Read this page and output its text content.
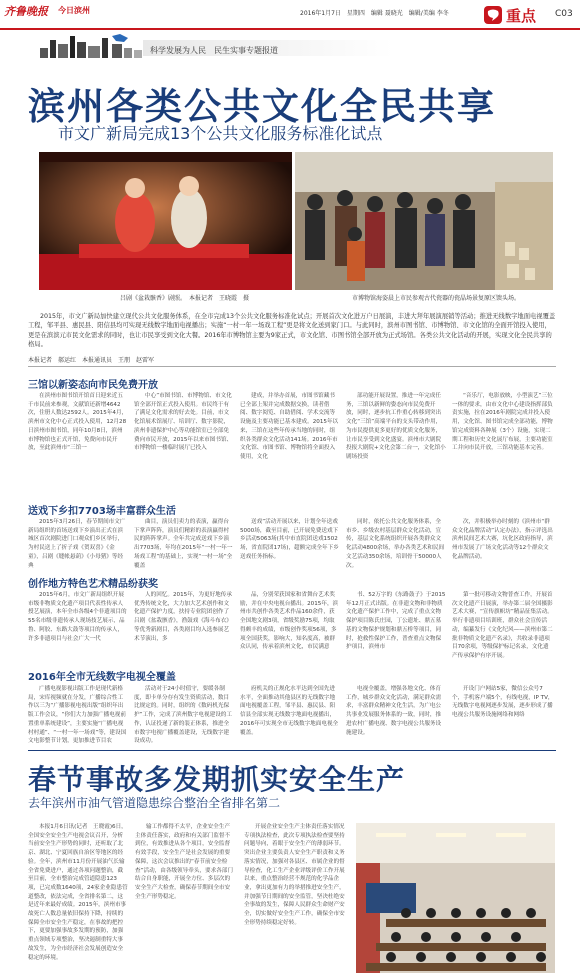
齐鲁晚报 今日滨州	2016年1月7日　星期四　编辑 聂晓光　编辑/美编 李冬	重点 C03
科学发展为人民　民生实事专题报道
滨州各类公共文化全民共享
市文广新局完成13个公共文化服务标准化试点
吕剧《盆栽骸香》剧照。　本报记者　王晓霞　摄	市博物馆海姿晨上市民参观古代瓷器的瓷晶场景复原区馈头场。
2015年，市文广新局加快建立现代公共文化服务体系，在全市完成13个公共文化服务标准化试点；开展首次文化进万户日展演，丰进大拜年展演展销等活动；推进无线数字地面电视覆盖工程，邹平县、惠民县、阳信县均可实现无线数字地面电视播出；实施“一村一年一场戏工程”更是将文化送到家门口。与此同时，滨州市图书馆、市博物馆、市文化馆的全面开馆投入使用，更是在滨滨元市民文化需求的同时，也让市民享受到文化大餐。2016年市博物馆主要为9家正式，市文化馆、市图书馆全部开放为正式场馆。各类公共文化活动的开展，实现文化全民共享的格局。
本报记者　郝运红　本报通讯员　王朋　赵雷军
三馆以新姿态向市民免费开放

在滨州市图书馆开馆首日迎来近五千市民前来参观，文献馆还新增4642次，住册人数达2592人。2015年4月，滨州市文化中心正式投入使用，12月28日滨州市图书馆，同年10月8日，滨州市博物馆也正式开馆，免费向市民开放，至此滨州市“三馆一

中心”市图书馆、市博物馆、市文化馆全部开馆正式投入使用。市民终于有了满足文化需求的好去处。目前，市文化馆展术馆展厅、培训厅、数字影院，滨州非遗保护中心等功能馆室已全部免费向市民开放，2015年以来市图书馆、市博物馆一楼临时展厅已投入

建成，并举办首展，市图书馆藏书已全部上架并完成数据交换，读者借阅、数字阅览、自助借阅、学术交流等设施及主要功能已基本建成。2015年以来，三馆在这些年传承当地的同时，组织各类群众文化活动141场。2016年市文化馆、市图书馆、博物馆将全面投入使用，文化

部功能开展设置，推进一年完成任务，三馆以新鲜的姿态向市民免费开放，同时，逐步抗工作重心转移到突出文化“三馆”高端平台的支头带动作用，为市民提供更多更好的优质文化服务，让市民享受到文化盛宴。滨州市大剧院投报大剧院+文化会第二台一，文化馆小剧场投资

“音乐厅，电影放映，小型演艺”三位一体的要求，由市文化中心建设指挥部负责实施，拉在2016年剧院完成并投入使用，文化馆、图书馆完成全部功能，博物馆完成资料各种展（3个）设施，实现二期工程和历史文化展厅布展，主要功能室工并向市民开放，三馆功能基本完善。

送戏下乡扣7703场丰富群众生活

2015年3月26日，春节期间市文广新局组织的首场送戏下乡演出正式在滨城区首次剧院进门口观众们乡区举行，为村民送上了折子戏《贺双喜》《金童》，吕剧《缝帐悬葫》《小母猪》等经典

曲目，演员们卖力的表演，赢得台下掌声阵阵，演员们精彩的表演赢得村民的阵阵掌声。全年共完成送戏下乡演出7703场，年均在2015年“一村一年一场戏工程”的基础上，实现“一村一场”全覆盖

送戏”活动开展以来，计划全年送戏5000场，截至目前，已开展免费送戏下乡活动5063场(其中市直院团送戏1502场，省直院团17场)，超额完成全年下乡送戏任务指标。

同时，依托公共文化服务体系，全市乡、乡级农村基层群众文化活动，宣传，基层文化系统组织开展各类群众文化活动4800余场，举办各类艺术和民间文艺活动350余场，培训骨干50000人次。

次，并积极举办时刻的《滨州市“群众文化品牌活动”认定办法》，指示评选出滨州民间艺术大赛，坑化区政府指导，滨州市发展了广场文化活动等12个群众文化品牌活动。

创作地方特色艺术精品纷获奖

2015年6月，市文广新局组织开展市级非物质文化遗产项目代表性传承人授艺展演，本年全市各级4个非遗项目的55名市级非遗传承人现场技艺展示，品鲁、阿胶、东路大鼓等项目的传承人，许多非遗项目与社会广大一代

人的回忆。2015年，为更好地传承优秀传统文化，大力加大艺术创作和文化遗产保护力度，扶持专业院团创作了吕剧《盆栽骸香》，渔鼓戏《海斗布衣》等优秀新剧目，各类剧目均入选参展艺术节演出，多

品，分别荣获国家和省舞台艺术奖励，并在中央电视台播出。2015年，滨州市共创作各类艺术作品160余件，获全国地文剧3项，省级奖励75项，均取得颇丰的成绩，市级创作奖项56项，多项全国获奖，影响大，知名度高，被群众认同，传承着滨州文化，市民满意

书、52万字的《东路鼓子》于2015年12月正式出版。在非遗文物和非物质文化遗产保护工作中，完成了重点文物保护项目陈氏庄园，丁公遗址、鼎五墓基的文物保护规划和鼎五桥等项目，同时，抢救性保护工作，普查重点文物保护项目，滨州市

第一批可移动文物普查工作，开展首次文化遗产日展演，举办第二届全国摄影艺术大赛，“宣传旗帜坊”精品征集活动。举行非遗项目培训班，群众社会宣传活动，编纂发行《文化纪风——滨州市第二批非物质文化遗产名录》，共收录非遗项目70余项，等级保护标记名录，文化遗产传承保护有序开展。

2016年全市无线数字电视全覆盖

广播电视影视出版工作是现代新格局，宋库视频就在分发，广播综合性工作以三为“广播影视电视出版”组织年出版工作会议，“你们大力加强广播电视前置重单系统建设”，主要实施“广播电视村村通”、“一村一年一场戏”等，建设国文电影整节计划，更加推进节目农

活动对于24小时值守，要缓各制度，即卡单分存有发生资质活动，数目比规定的。同时，组织的《数码机光保护”工作，完成了滨州数字电视建设的工作，认证投递了新的装正体系，推进全市数字电视广播覆盖建设，无线数字建设成功。

府机关的正规化水平达到全国先进水平，全面推动其他县区的无线数字地面电视覆盖工程，邹平县、惠民县、阳信县全部实现无线数字地面电视播出，2016年可实现全市无线数字地面电视全覆盖。

电视全覆盖，增强各地文化、体育工作，城乡群众文化活动，满足群众需求，丰富群众精神文化生活，为广电公共事业发展服务体系的一致，同时，推进农村广播电视、数字电视公共服务设施建设。

开设门户网站5家，微信公众号7个，手机客户端5个，有线电视，IP TV，无线数字电视网逐步发展，逐步形成了播电视公共服务设施网络和网络

春节事故多发期抓实安全生产
去年滨州市油气管道隐患综合整治全省排名第二

本报1月6日讯(记者　王晓霞)6日，全国安全安全生产电视会议召开，分析当前安全生产形势的同时，还听取了北京、湖北、宁夏回族自治区等地区的经验。全年，滨州市11月份开展油气长输全省免费进户，通过各项问题整治，截至目前，全市整治完成管道隐患123项，已完成数1640项，24家企业隐患管道整改，依法完成，全省排名第二，这是近年来最好成绩。2015年，滨州市事故死亡人数总量依旧保持下降，持续的保障全市安全生产稳定，在事故的把控下，更要加强事故多发期的预防，加强重点领域专项整治，坚决遏制重特大事故发生，为全市经济社会发展创造安全稳定的环境。

输工作都得不太平，企业安全生产主体责任落实，政府和有关部门监督不到位，有效推进从各个项目，安全监督有效手段，安全生产是社会发展的重要保障，这次会议推出的“春节前安全检查”活动，由各级领导牵头，要求各部门结合自身职能，开展全方位、多层次的安全生产大检查，确保春节期间全市安全生产形势稳定。

开展企业安全生产主体责任落实情况专项执法检查，此次专项执法检查要坚持问题导向，着眼于安全生产的薄弱环节。突出企业主要负责人安全生产职责和义务落实情况，加强对各县区、市属企业的督导检查，化工生产企业评级评价工作开展以来，重点整治经营不规范的化学品企业，拿出更加有力的举措推进安全生产，并加强节日期间的安全监管，坚决杜绝安全事故的发生，保障人民群众生命财产安全，切实做好安全生产工作，确保全市安全形势持续稳定好转。
